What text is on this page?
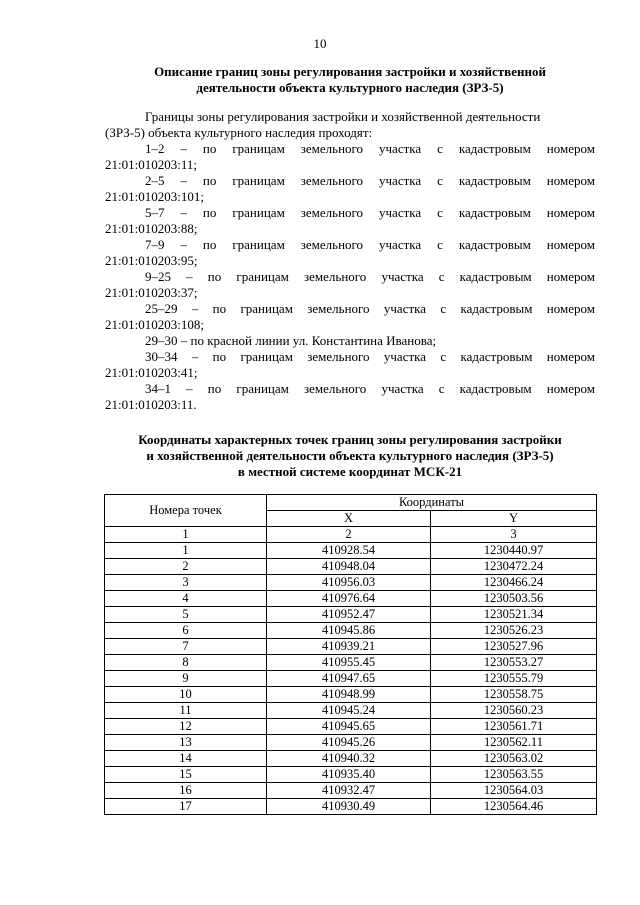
10
Описание границ зоны регулирования застройки и хозяйственной
деятельности объекта культурного наследия (ЗРЗ-5)
Границы зоны регулирования застройки и хозяйственной деятельности
(ЗРЗ-5) объекта культурного наследия проходят:
1–2 – по границам земельного участка с кадастровым номером
21:01:010203:11;
2–5 – по границам земельного участка с кадастровым номером
21:01:010203:101;
5–7 – по границам земельного участка с кадастровым номером
21:01:010203:88;
7–9 – по границам земельного участка с кадастровым номером
21:01:010203:95;
9–25 – по границам земельного участка с кадастровым номером
21:01:010203:37;
25–29 – по границам земельного участка с кадастровым номером
21:01:010203:108;
29–30 – по красной линии ул. Константина Иванова;
30–34 – по границам земельного участка с кадастровым номером
21:01:010203:41;
34–1 – по границам земельного участка с кадастровым номером
21:01:010203:11.
Координаты характерных точек границ зоны регулирования застройки
и хозяйственной деятельности объекта культурного наследия (ЗРЗ-5)
в местной системе координат МСК-21
Номера точек	Координаты	
	X	Y
1	2	3
1	410928.54	1230440.97
2	410948.04	1230472.24
3	410956.03	1230466.24
4	410976.64	1230503.56
5	410952.47	1230521.34
6	410945.86	1230526.23
7	410939.21	1230527.96
8	410955.45	1230553.27
9	410947.65	1230555.79
10	410948.99	1230558.75
11	410945.24	1230560.23
12	410945.65	1230561.71
13	410945.26	1230562.11
14	410940.32	1230563.02
15	410935.40	1230563.55
16	410932.47	1230564.03
17	410930.49	1230564.46
